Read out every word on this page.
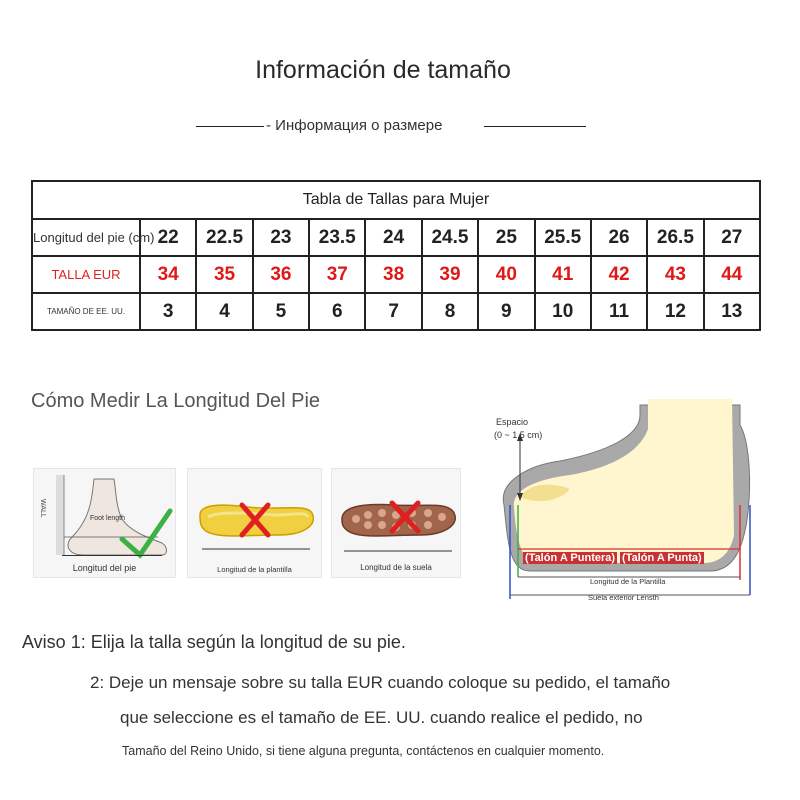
Información de tamaño
- Информация о размере
Tabla de Tallas para Mujer											
Longitud del pie (cm)	22	22.5	23	23.5	24	24.5	25	25.5	26	26.5	27
TALLA EUR	34	35	36	37	38	39	40	41	42	43	44
TAMAÑO DE EE. UU.	3	4	5	6	7	8	9	10	11	12	13
Cómo Medir La Longitud Del Pie
WALL
Foot length
Longitud del pie	Longitud de la plantilla	Longitud de la suela
Espacio
(0 ~ 1,5 cm)
(Talón A Puntera) (Talón A Punta)
Longitud de la Plantilla
Suela exterior Lensth
Aviso 1: Elija la talla según la longitud de su pie.
2: Deje un mensaje sobre su talla EUR cuando coloque su pedido, el tamaño
que seleccione es el tamaño de EE. UU. cuando realice el pedido, no
Tamaño del Reino Unido, si tiene alguna pregunta, contáctenos en cualquier momento.
